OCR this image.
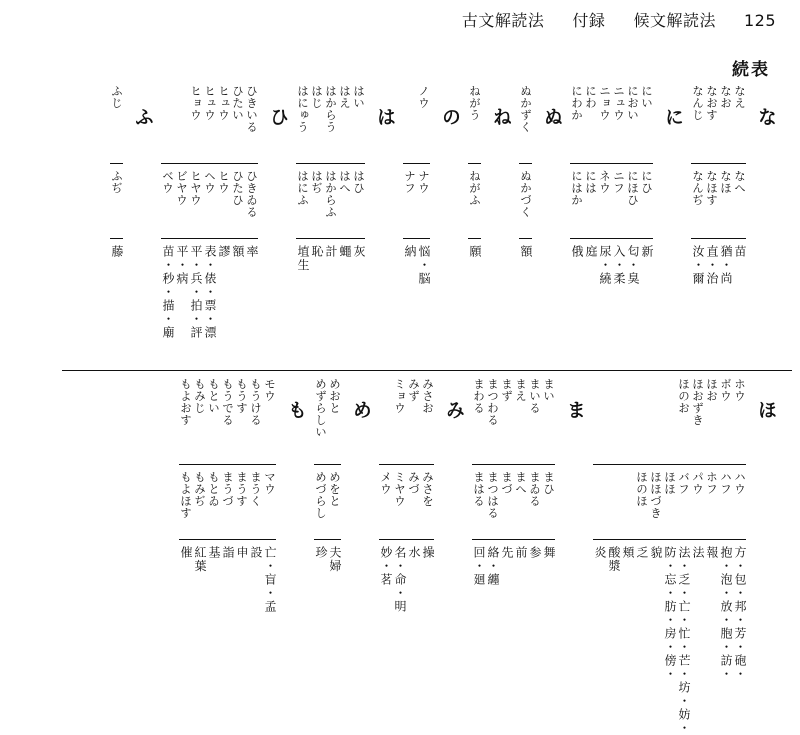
古文解読法 付録 候文解読法 125
続表
な
なえ
なお
なおす
なんじ
なへ
なほ
なほす
なんぢ
苗
猶・尚
直・治
汝・爾
に
にい
におい
ニュウ
ニョウ
にわ
にわか
にひ
にほひ
ニフ
ネウ
には
にはか
新
匂・臭
入・柔
尿・繞
庭
俄
ぬ
ぬかずく
ぬかづく
額
ね
ねがう
ねがふ
願
の
ノウ
ナウ
ナフ
悩・脳
納
は
はい
はえ
はからう
はじ
はにゅう
はひ
はへ
はからふ
はぢ
はにふ
灰
蠅
計
恥
埴生
ひ
ひきいる
ひたい
ヒュウ
ヒュウ
ヒョウ
ひきゐる
ひたひ
ヒウ
ヘウ
ヒヤウ
ビヤウ
ベウ
率
額
謬
表・俵・票・漂
平・兵・拍・評
平・病
苗・秒・描・廟
ふ
ふじ
ふぢ
藤
ほ
ホウ
ボウ
ほお
ほおずき
ほのお
ハウ
ハフ
ホフ
パウ
バフ
ほほ
ほほづき
ほのほ
方・包・邦・芳・砲・
抱・泡・放・胞・訪・
報
法
法・乏・亡・忙・芒・坊・妨・
防・忘・肪・房・傍・
貌
乏
頬
酸漿
炎
ま
まい
まいる
まえ
まず
まつわる
まわる
まひ
まゐる
まへ
まづ
まつはる
まはる
舞
参
前
先
絡・纏
回・廻
み
みさお
みず
ミョウ
みさを
みづ
ミヤウ
メウ
操
水
名・命・明
妙・茗
め
めおと
めずらしい
めをと
めづらし
夫婦
珍
も
モウ
もうける
もうす
もうでる
もとい
もみじ
もよおす
マウ
まうく
まうす
まうづ
もとゐ
もみぢ
もよほす
亡・盲・孟
設
申
詣
基
紅葉
催
